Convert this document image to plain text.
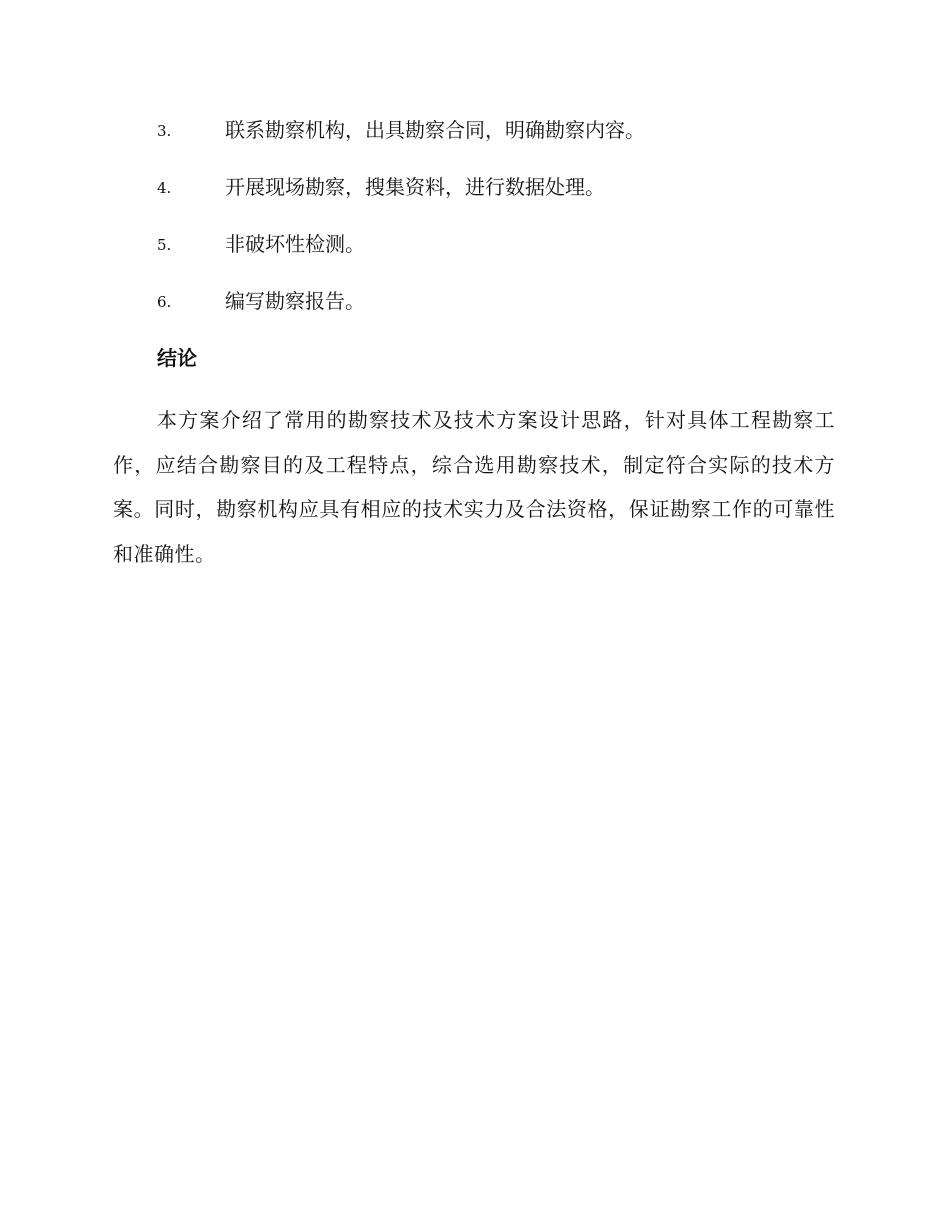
3.	联系勘察机构，出具勘察合同，明确勘察内容。
4.	开展现场勘察，搜集资料，进行数据处理。
5.	非破坏性检测。
6.	编写勘察报告。
结论

本方案介绍了常用的勘察技术及技术方案设计思路，针对具体工程勘察工作，应结合勘察目的及工程特点，综合选用勘察技术，制定符合实际的技术方案。同时，勘察机构应具有相应的技术实力及合法资格，保证勘察工作的可靠性和准确性。
